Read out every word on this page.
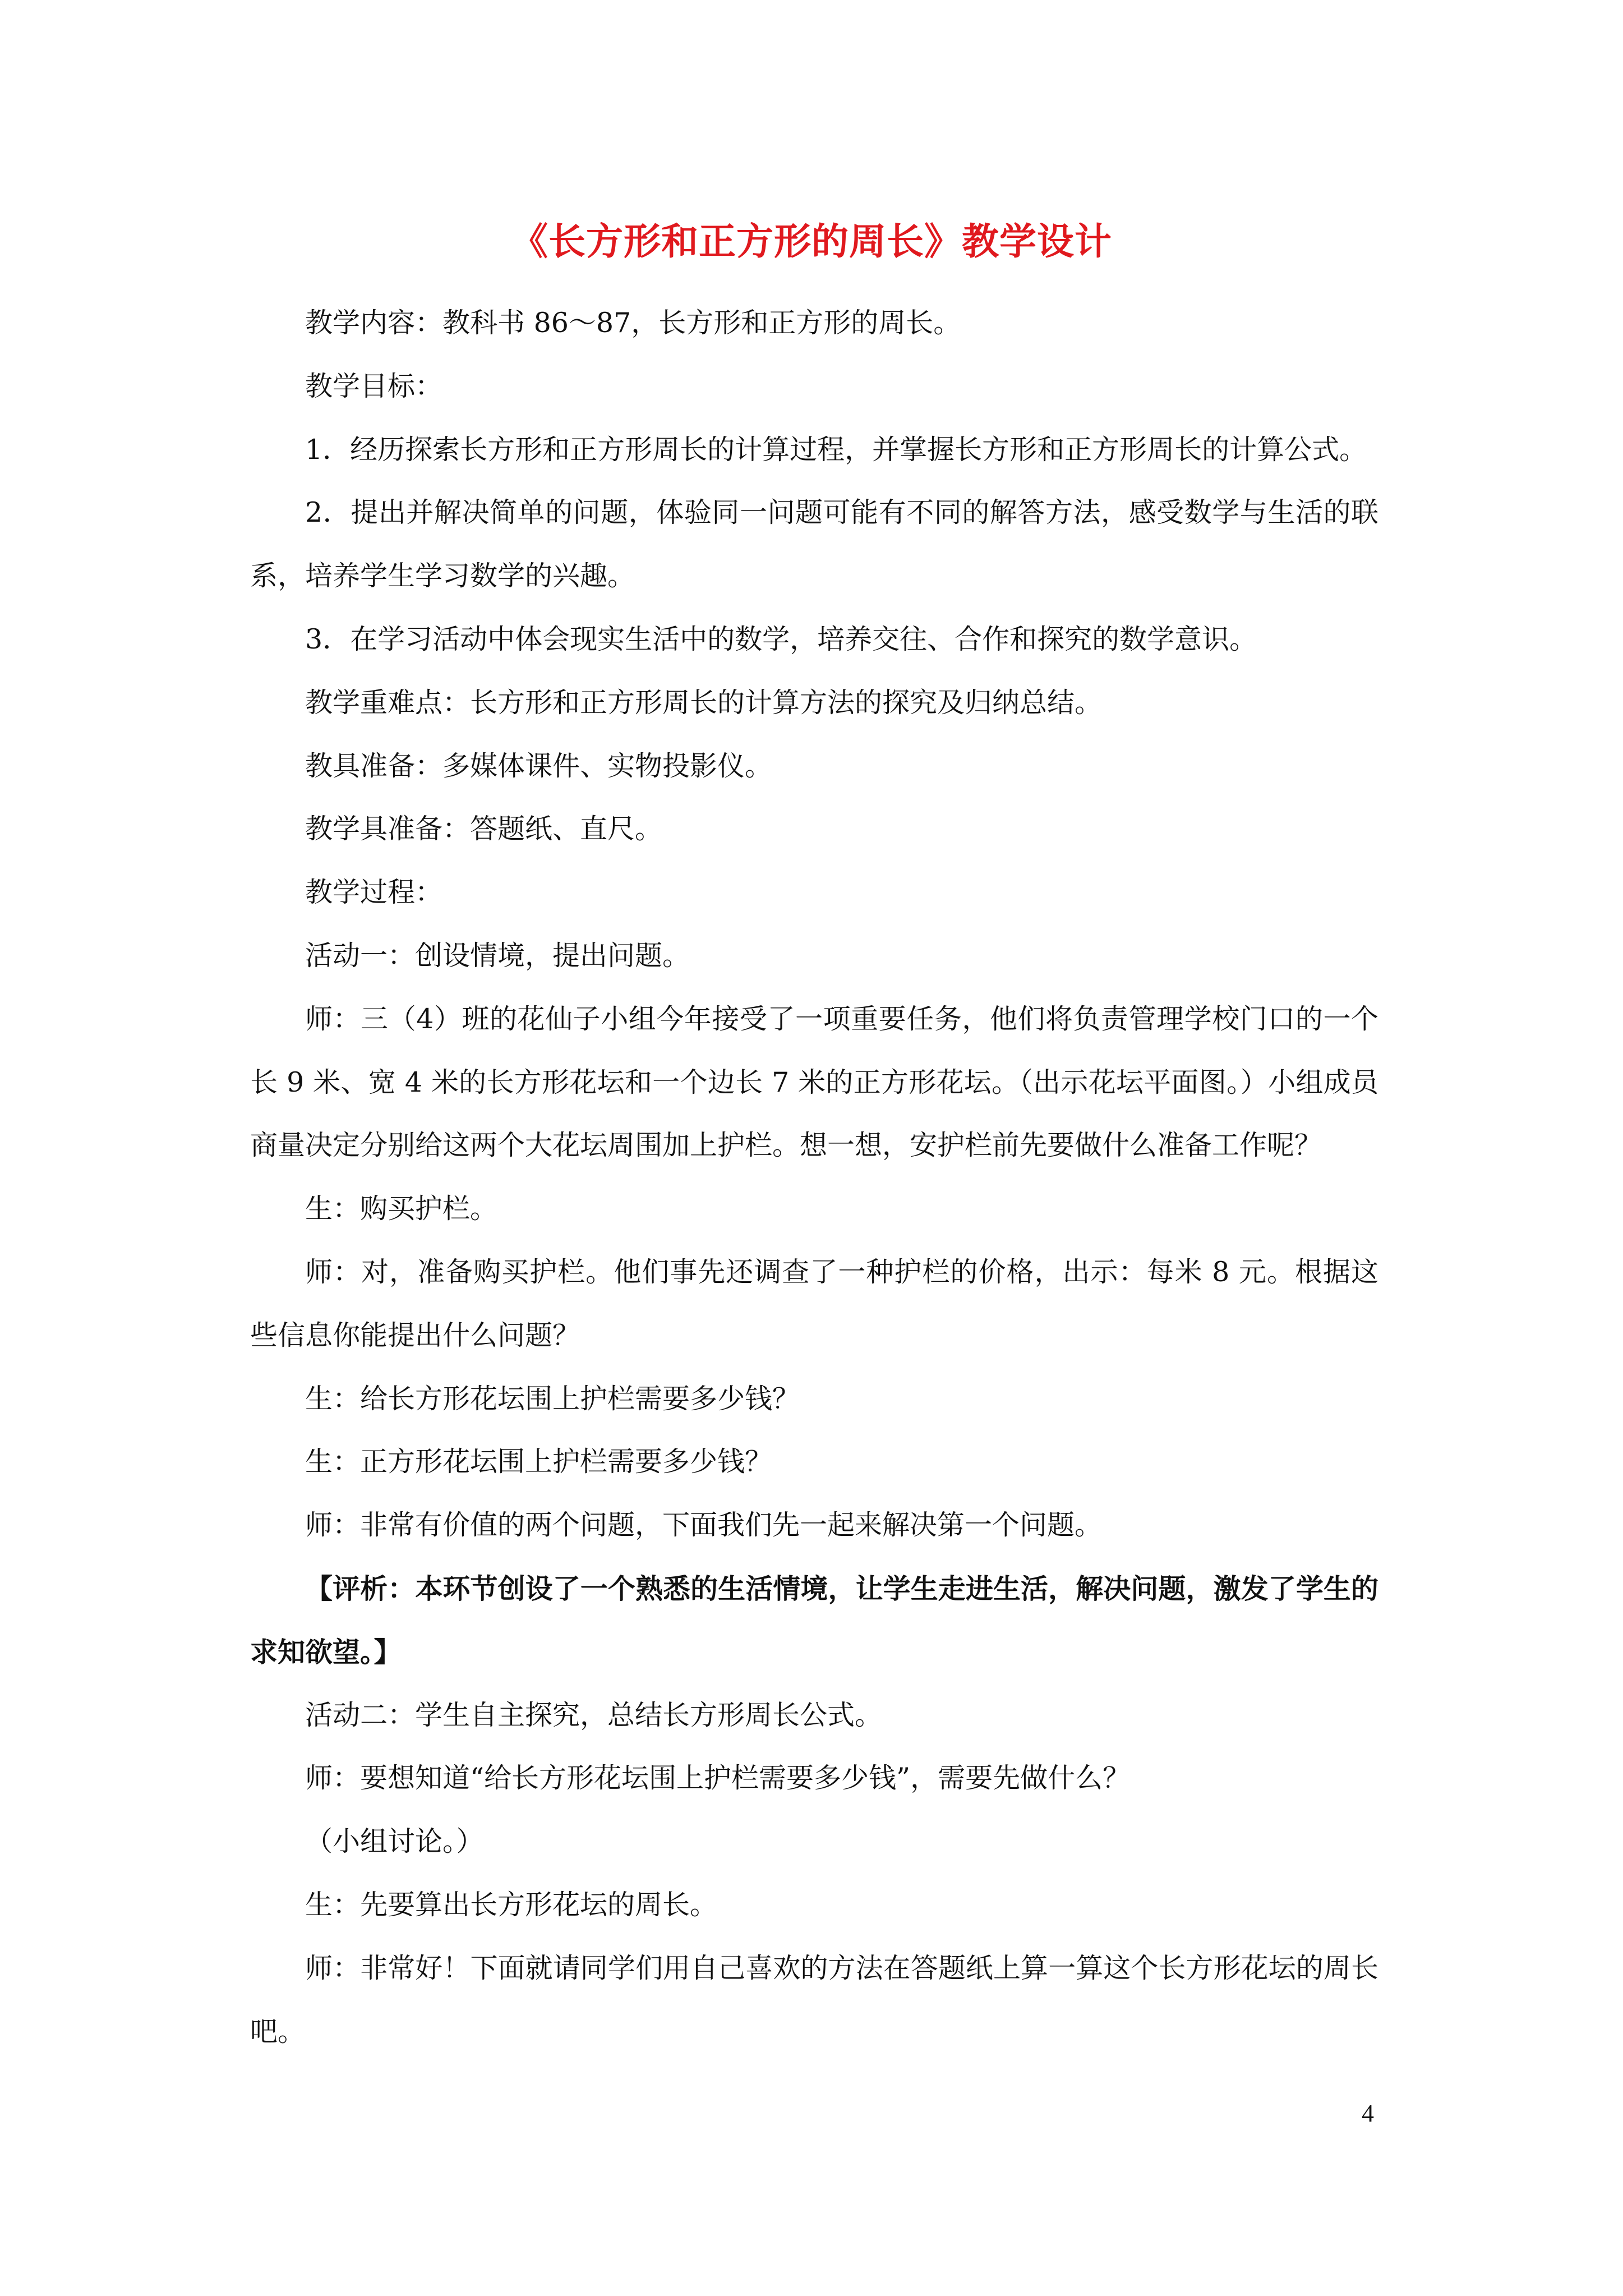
《长方形和正方形的周长》教学设计

教学内容：教科书 86～87，长方形和正方形的周长。

教学目标：

1．经历探索长方形和正方形周长的计算过程，并掌握长方形和正方形周长的计算公式。

2．提出并解决简单的问题，体验同一问题可能有不同的解答方法，感受数学与生活的联系，培养学生学习数学的兴趣。

3．在学习活动中体会现实生活中的数学，培养交往、合作和探究的数学意识。

教学重难点：长方形和正方形周长的计算方法的探究及归纳总结。

教具准备：多媒体课件、实物投影仪。

教学具准备：答题纸、直尺。

教学过程：

活动一：创设情境，提出问题。

师：三（4）班的花仙子小组今年接受了一项重要任务，他们将负责管理学校门口的一个长 9 米、宽 4 米的长方形花坛和一个边长 7 米的正方形花坛。（出示花坛平面图。）小组成员商量决定分别给这两个大花坛周围加上护栏。想一想，安护栏前先要做什么准备工作呢？

生：购买护栏。

师：对，准备购买护栏。他们事先还调查了一种护栏的价格，出示：每米 8 元。根据这些信息你能提出什么问题？

生：给长方形花坛围上护栏需要多少钱？

生：正方形花坛围上护栏需要多少钱？

师：非常有价值的两个问题，下面我们先一起来解决第一个问题。

【评析：本环节创设了一个熟悉的生活情境，让学生走进生活，解决问题，激发了学生的求知欲望。】

活动二：学生自主探究，总结长方形周长公式。

师：要想知道“给长方形花坛围上护栏需要多少钱”，需要先做什么？

（小组讨论。）

生：先要算出长方形花坛的周长。

师：非常好！下面就请同学们用自己喜欢的方法在答题纸上算一算这个长方形花坛的周长吧。

4
